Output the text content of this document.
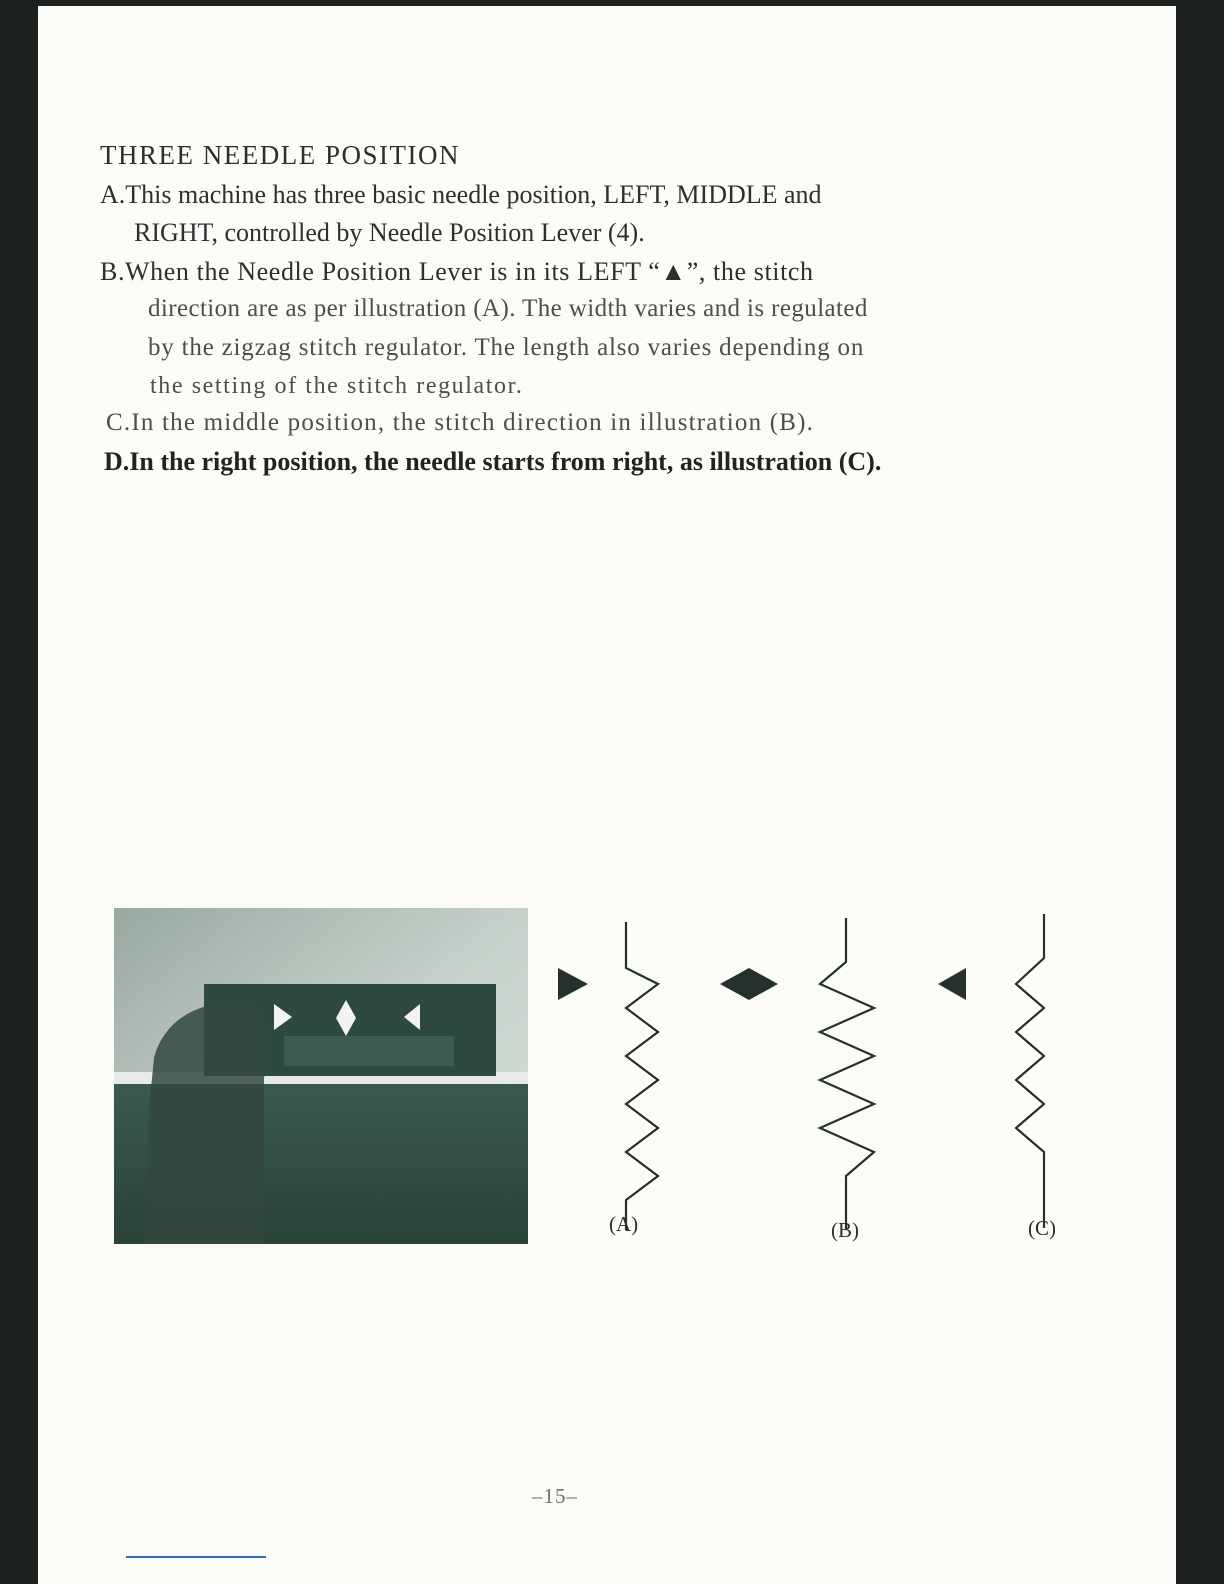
THREE NEEDLE POSITION
A.This machine has three basic needle position, LEFT, MIDDLE and
RIGHT, controlled by Needle Position Lever (4).
B.When the Needle Position Lever is in its LEFT “▲”, the stitch
direction are as per illustration (A). The width varies and is regulated
by the zigzag stitch regulator. The length also varies depending on
the setting of the stitch regulator.
C.In the middle position, the stitch direction in illustration (B).
D.In the right position, the needle starts from right, as illustration (C).
(A)	(B)	(C)
–15–
